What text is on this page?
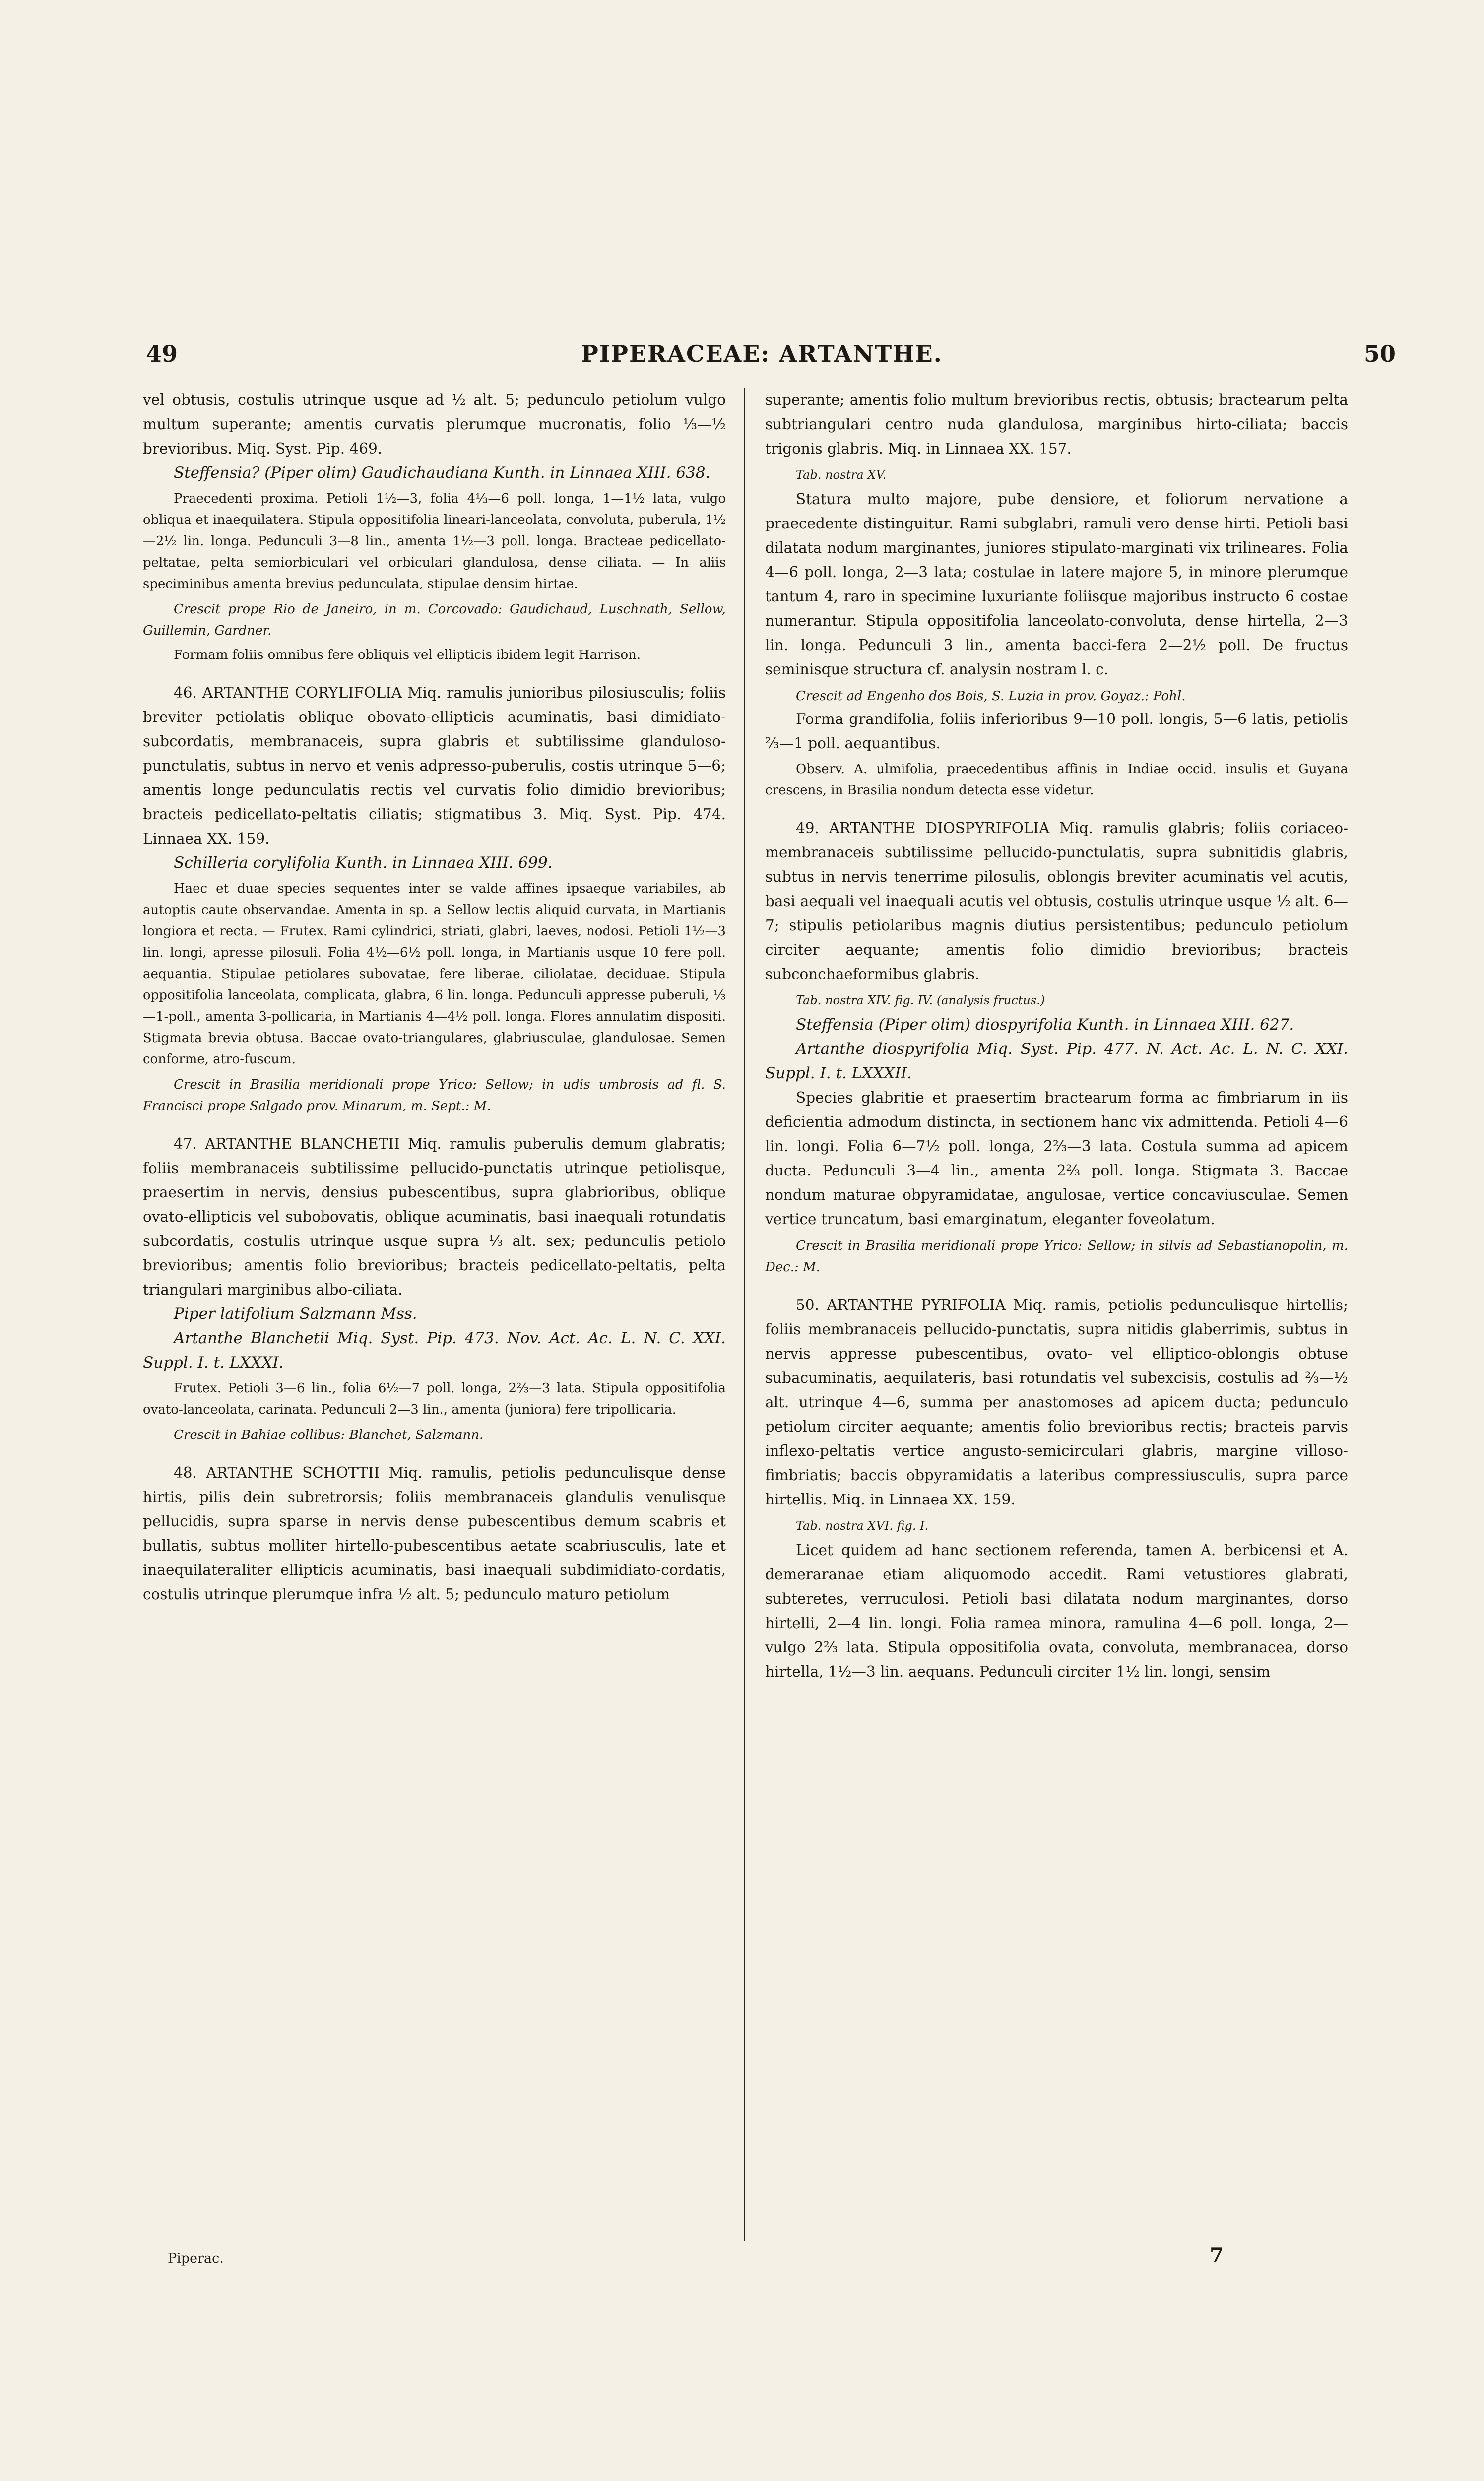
49	PIPERACEAE: ARTANTHE.	50

vel obtusis, costulis utrinque usque ad ½ alt. 5; pedunculo petiolum vulgo multum superante; amentis curvatis plerumque mucronatis, folio ⅓—½ brevioribus. Miq. Syst. Pip. 469.

Steffensia? (Piper olim) Gaudichaudiana Kunth. in Linnaea XIII. 638.

Praecedenti proxima. Petioli 1½—3, folia 4⅓—6 poll. longa, 1—1½ lata, vulgo obliqua et inaequilatera. Stipula oppositifolia lineari-lanceolata, convoluta, puberula, 1½—2½ lin. longa. Pedunculi 3—8 lin., amenta 1½—3 poll. longa. Bracteae pedicellato-peltatae, pelta semiorbiculari vel orbiculari glandulosa, dense ciliata. — In aliis speciminibus amenta brevius pedunculata, stipulae densim hirtae.

Crescit prope Rio de Janeiro, in m. Corcovado: Gaudichaud, Luschnath, Sellow, Guillemin, Gardner.

Formam foliis omnibus fere obliquis vel ellipticis ibidem legit Harrison.

46. ARTANTHE CORYLIFOLIA Miq. ramulis junioribus pilosiusculis; foliis breviter petiolatis oblique obovato-ellipticis acuminatis, basi dimidiato-subcordatis, membranaceis, supra glabris et subtilissime glanduloso-punctulatis, subtus in nervo et venis adpresso-puberulis, costis utrinque 5—6; amentis longe pedunculatis rectis vel curvatis folio dimidio brevioribus; bracteis pedicellato-peltatis ciliatis; stigmatibus 3. Miq. Syst. Pip. 474. Linnaea XX. 159.

Schilleria corylifolia Kunth. in Linnaea XIII. 699.

Haec et duae species sequentes inter se valde affines ipsaeque variabiles, ab autoptis caute observandae. Amenta in sp. a Sellow lectis aliquid curvata, in Martianis longiora et recta. — Frutex. Rami cylindrici, striati, glabri, laeves, nodosi. Petioli 1½—3 lin. longi, apresse pilosuli. Folia 4½—6½ poll. longa, in Martianis usque 10 fere poll. aequantia. Stipulae petiolares subovatae, fere liberae, ciliolatae, deciduae. Stipula oppositifolia lanceolata, complicata, glabra, 6 lin. longa. Pedunculi appresse puberuli, ⅓—1-poll., amenta 3-pollicaria, in Martianis 4—4½ poll. longa. Flores annulatim dispositi. Stigmata brevia obtusa. Baccae ovato-triangulares, glabriusculae, glandulosae. Semen conforme, atro-fuscum.

Crescit in Brasilia meridionali prope Yrico: Sellow; in udis umbrosis ad fl. S. Francisci prope Salgado prov. Minarum, m. Sept.: M.

47. ARTANTHE BLANCHETII Miq. ramulis puberulis demum glabratis; foliis membranaceis subtilissime pellucido-punctatis utrinque petiolisque, praesertim in nervis, densius pubescentibus, supra glabrioribus, oblique ovato-ellipticis vel subobovatis, oblique acuminatis, basi inaequali rotundatis subcordatis, costulis utrinque usque supra ⅓ alt. sex; pedunculis petiolo brevioribus; amentis folio brevioribus; bracteis pedicellato-peltatis, pelta triangulari marginibus albo-ciliata.

Piper latifolium Salzmann Mss.

Artanthe Blanchetii Miq. Syst. Pip. 473. Nov. Act. Ac. L. N. C. XXI. Suppl. I. t. LXXXI.

Frutex. Petioli 3—6 lin., folia 6½—7 poll. longa, 2⅔—3 lata. Stipula oppositifolia ovato-lanceolata, carinata. Pedunculi 2—3 lin., amenta (juniora) fere tripollicaria.

Crescit in Bahiae collibus: Blanchet, Salzmann.

48. ARTANTHE SCHOTTII Miq. ramulis, petiolis pedunculisque dense hirtis, pilis dein subretrorsis; foliis membranaceis glandulis venulisque pellucidis, supra sparse in nervis dense pubescentibus demum scabris et bullatis, subtus molliter hirtello-pubescentibus aetate scabriusculis, late et inaequilateraliter ellipticis acuminatis, basi inaequali subdimidiato-cordatis, costulis utrinque plerumque infra ½ alt. 5; pedunculo maturo petiolum

superante; amentis folio multum brevioribus rectis, obtusis; bractearum pelta subtriangulari centro nuda glandulosa, marginibus hirto-ciliata; baccis trigonis glabris. Miq. in Linnaea XX. 157.

Tab. nostra XV.

Statura multo majore, pube densiore, et foliorum nervatione a praecedente distinguitur. Rami subglabri, ramuli vero dense hirti. Petioli basi dilatata nodum marginantes, juniores stipulato-marginati vix trilineares. Folia 4—6 poll. longa, 2—3 lata; costulae in latere majore 5, in minore plerumque tantum 4, raro in specimine luxuriante foliisque majoribus instructo 6 costae numerantur. Stipula oppositifolia lanceolato-convoluta, dense hirtella, 2—3 lin. longa. Pedunculi 3 lin., amenta bacci-fera 2—2½ poll. De fructus seminisque structura cf. analysin nostram l. c.

Crescit ad Engenho dos Bois, S. Luzia in prov. Goyaz.: Pohl.

Forma grandifolia, foliis inferioribus 9—10 poll. longis, 5—6 latis, petiolis ⅔—1 poll. aequantibus.

Observ. A. ulmifolia, praecedentibus affinis in Indiae occid. insulis et Guyana crescens, in Brasilia nondum detecta esse videtur.

49. ARTANTHE DIOSPYRIFOLIA Miq. ramulis glabris; foliis coriaceo-membranaceis subtilissime pellucido-punctulatis, supra subnitidis glabris, subtus in nervis tenerrime pilosulis, oblongis breviter acuminatis vel acutis, basi aequali vel inaequali acutis vel obtusis, costulis utrinque usque ½ alt. 6—7; stipulis petiolaribus magnis diutius persistentibus; pedunculo petiolum circiter aequante; amentis folio dimidio brevioribus; bracteis subconchaeformibus glabris.

Tab. nostra XIV. fig. IV. (analysis fructus.)

Steffensia (Piper olim) diospyrifolia Kunth. in Linnaea XIII. 627.

Artanthe diospyrifolia Miq. Syst. Pip. 477. N. Act. Ac. L. N. C. XXI. Suppl. I. t. LXXXII.

Species glabritie et praesertim bractearum forma ac fimbriarum in iis deficientia admodum distincta, in sectionem hanc vix admittenda. Petioli 4—6 lin. longi. Folia 6—7½ poll. longa, 2⅔—3 lata. Costula summa ad apicem ducta. Pedunculi 3—4 lin., amenta 2⅔ poll. longa. Stigmata 3. Baccae nondum maturae obpyramidatae, angulosae, vertice concaviusculae. Semen vertice truncatum, basi emarginatum, eleganter foveolatum.

Crescit in Brasilia meridionali prope Yrico: Sellow; in silvis ad Sebastianopolin, m. Dec.: M.

50. ARTANTHE PYRIFOLIA Miq. ramis, petiolis pedunculisque hirtellis; foliis membranaceis pellucido-punctatis, supra nitidis glaberrimis, subtus in nervis appresse pubescentibus, ovato- vel elliptico-oblongis obtuse subacuminatis, aequilateris, basi rotundatis vel subexcisis, costulis ad ⅔—½ alt. utrinque 4—6, summa per anastomoses ad apicem ducta; pedunculo petiolum circiter aequante; amentis folio brevioribus rectis; bracteis parvis inflexo-peltatis vertice angusto-semicirculari glabris, margine villoso-fimbriatis; baccis obpyramidatis a lateribus compressiusculis, supra parce hirtellis. Miq. in Linnaea XX. 159.

Tab. nostra XVI. fig. I.

Licet quidem ad hanc sectionem referenda, tamen A. berbicensi et A. demeraranae etiam aliquomodo accedit. Rami vetustiores glabrati, subteretes, verruculosi. Petioli basi dilatata nodum marginantes, dorso hirtelli, 2—4 lin. longi. Folia ramea minora, ramulina 4—6 poll. longa, 2— vulgo 2⅔ lata. Stipula oppositifolia ovata, convoluta, membranacea, dorso hirtella, 1½—3 lin. aequans. Pedunculi circiter 1½ lin. longi, sensim

Piperac.	7
